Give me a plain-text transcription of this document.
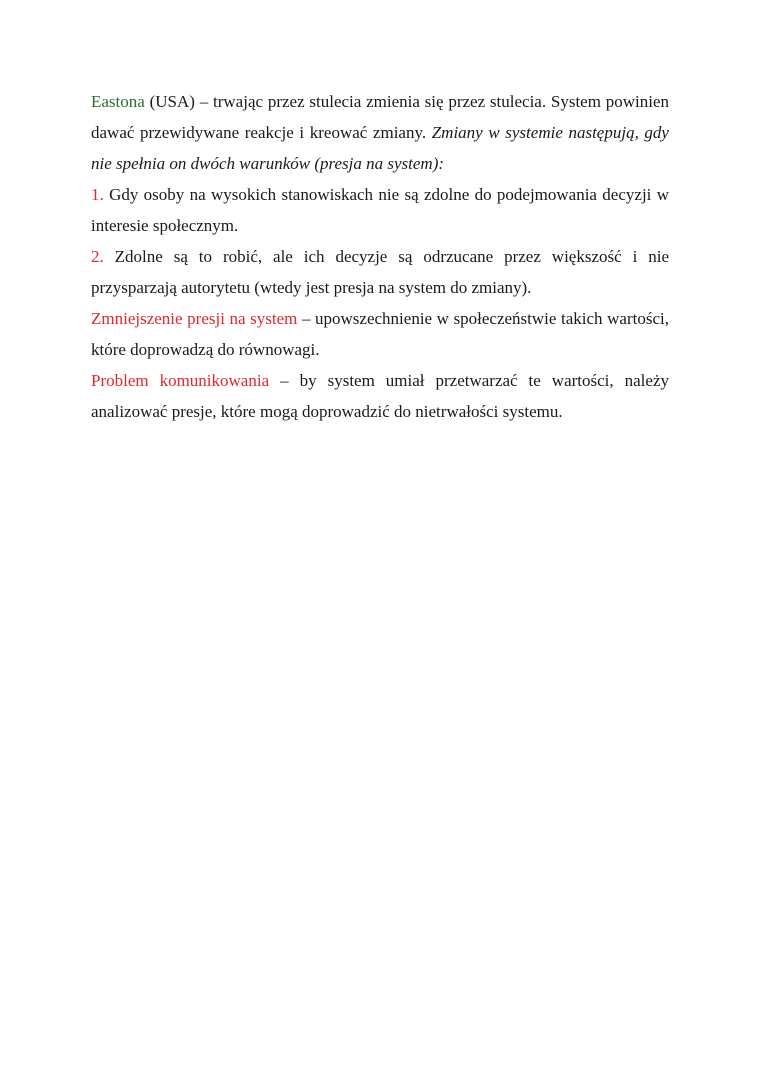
Eastona (USA) – trwając przez stulecia zmienia się przez stulecia. System powinien dawać przewidywane reakcje i kreować zmiany. Zmiany w systemie następują, gdy nie spełnia on dwóch warunków (presja na system):

1. Gdy osoby na wysokich stanowiskach nie są zdolne do podejmowania decyzji w interesie społecznym.

2. Zdolne są to robić, ale ich decyzje są odrzucane przez większość i nie przysparzają autorytetu (wtedy jest presja na system do zmiany).

Zmniejszenie presji na system – upowszechnienie w społeczeństwie takich wartości, które doprowadzą do równowagi.

Problem komunikowania – by system umiał przetwarzać te wartości, należy analizować presje, które mogą doprowadzić do nietrwałości systemu.
